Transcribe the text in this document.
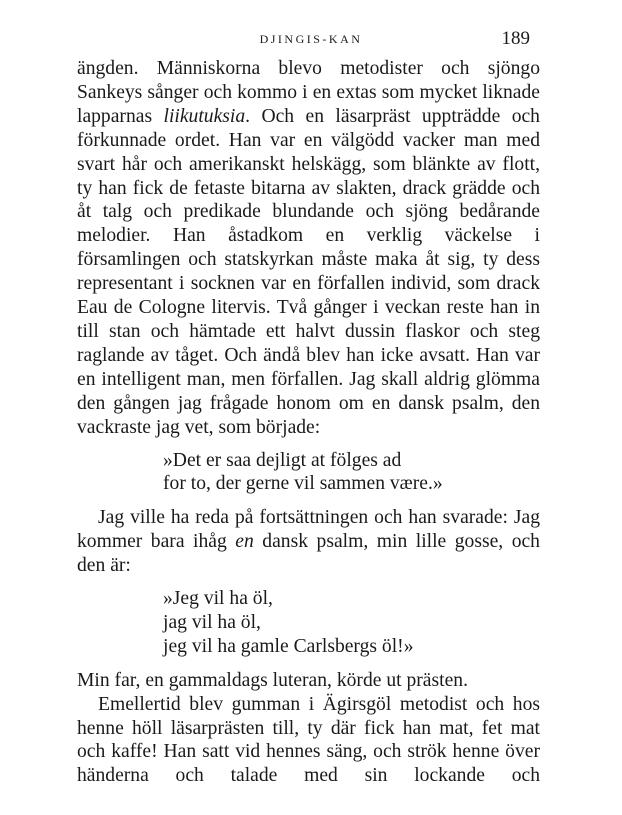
DJINGIS-KAN	189

ängden. Människorna blevo metodister och sjöngo Sankeys sånger och kommo i en extas som mycket liknade lapparnas liikutuksia. Och en läsarpräst uppträdde och förkunnade ordet. Han var en välgödd vacker man med svart hår och amerikanskt helskägg, som blänkte av flott, ty han fick de fetaste bitarna av slakten, drack grädde och åt talg och predikade blundande och sjöng bedårande melodier. Han åstadkom en verklig väckelse i församlingen och statskyrkan måste maka åt sig, ty dess representant i socknen var en förfallen individ, som drack Eau de Cologne litervis. Två gånger i veckan reste han in till stan och hämtade ett halvt dussin flaskor och steg raglande av tåget. Och ändå blev han icke avsatt. Han var en intelligent man, men förfallen. Jag skall aldrig glömma den gången jag frågade honom om en dansk psalm, den vackraste jag vet, som började:

»Det er saa dejligt at fölges ad
for to, der gerne vil sammen være.»

Jag ville ha reda på fortsättningen och han svarade: Jag kommer bara ihåg en dansk psalm, min lille gosse, och den är:

»Jeg vil ha öl,
jag vil ha öl,
jeg vil ha gamle Carlsbergs öl!»

Min far, en gammaldags luteran, körde ut prästen.

Emellertid blev gumman i Ägirsgöl metodist och hos henne höll läsarprästen till, ty där fick han mat, fet mat och kaffe! Han satt vid hennes säng, och strök henne över händerna och talade med sin lockande och
